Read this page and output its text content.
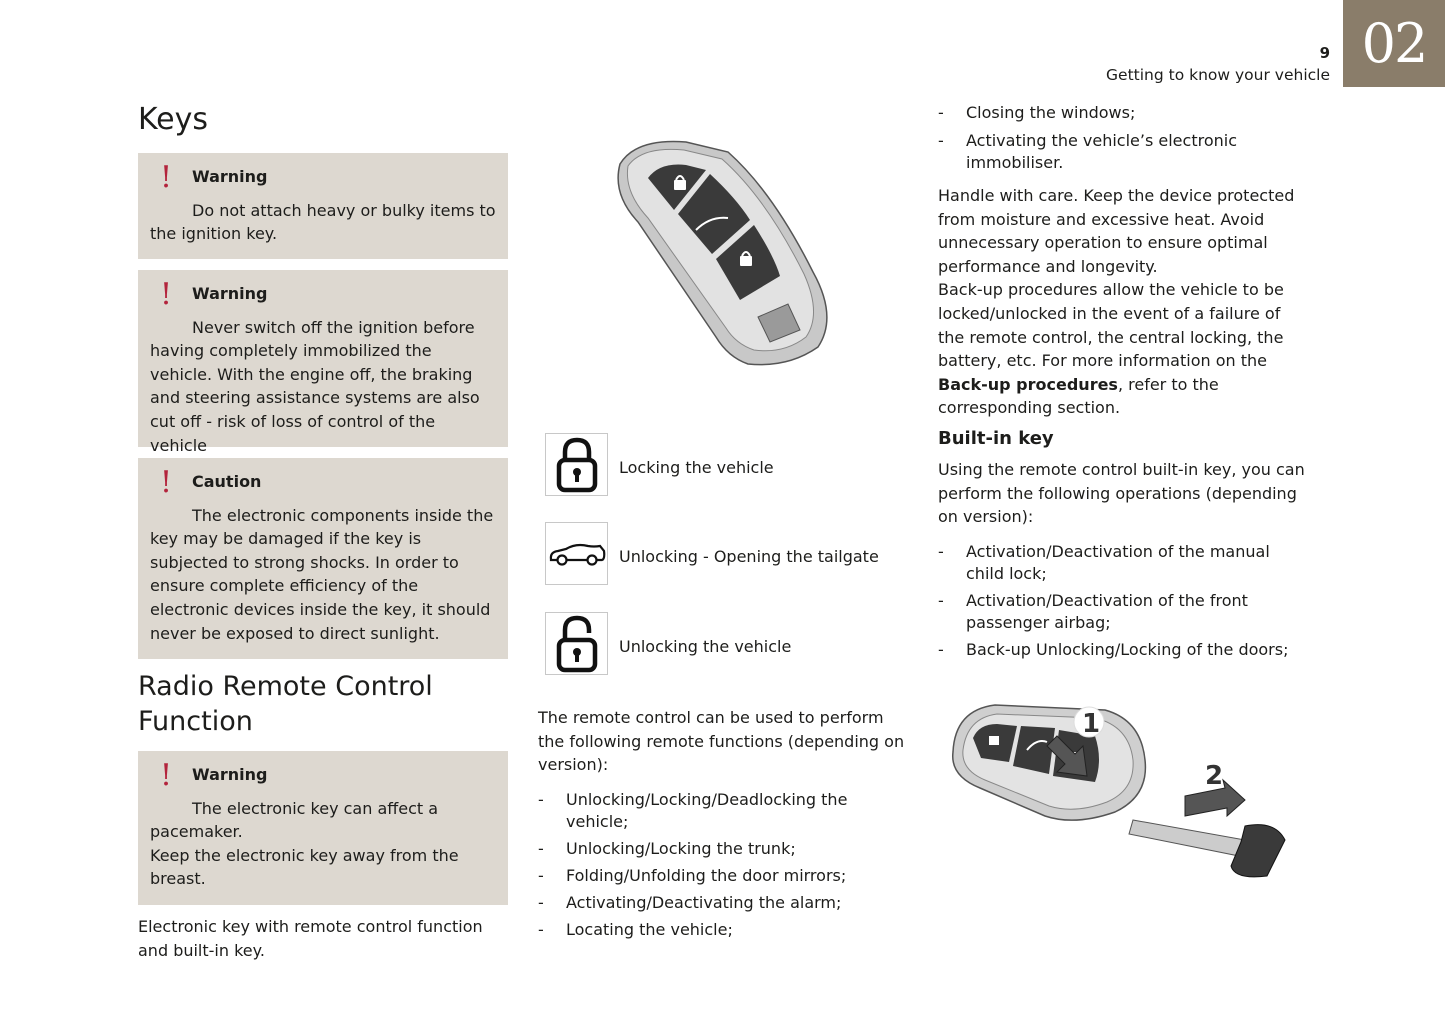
9
Getting to know your vehicle 02
Keys
!	Warning
Do not attach heavy or bulky items to the ignition key.
!	Warning
Never switch off the ignition before having completely immobilized the vehicle. With the engine off, the braking and steering assistance systems are also cut off - risk of loss of control of the vehicle
!	Caution
The electronic components inside the key may be damaged if the key is subjected to strong shocks. In order to ensure complete efficiency of the electronic devices inside the key, it should never be exposed to direct sunlight.
Radio Remote Control Function
!	Warning
The electronic key can affect a pacemaker.
Keep the electronic key away from the breast.
Electronic key with remote control function and built-in key.
Locking the vehicle
Unlocking - Opening the tailgate
Unlocking the vehicle
The remote control can be used to perform the following remote functions (depending on version):
- Unlocking/Locking/Deadlocking the vehicle;
- Unlocking/Locking the trunk;
- Folding/Unfolding the door mirrors;
- Activating/Deactivating the alarm;
- Locating the vehicle;
- Closing the windows;
- Activating the vehicle’s electronic immobiliser.
Handle with care. Keep the device protected from moisture and excessive heat. Avoid unnecessary operation to ensure optimal performance and longevity.
Back-up procedures allow the vehicle to be locked/unlocked in the event of a failure of the remote control, the central locking, the battery, etc. For more information on the Back-up procedures, refer to the corresponding section.
Built-in key
Using the remote control built-in key, you can perform the following operations (depending on version):
- Activation/Deactivation of the manual child lock;
- Activation/Deactivation of the front passenger airbag;
- Back-up Unlocking/Locking of the doors;
1
2
